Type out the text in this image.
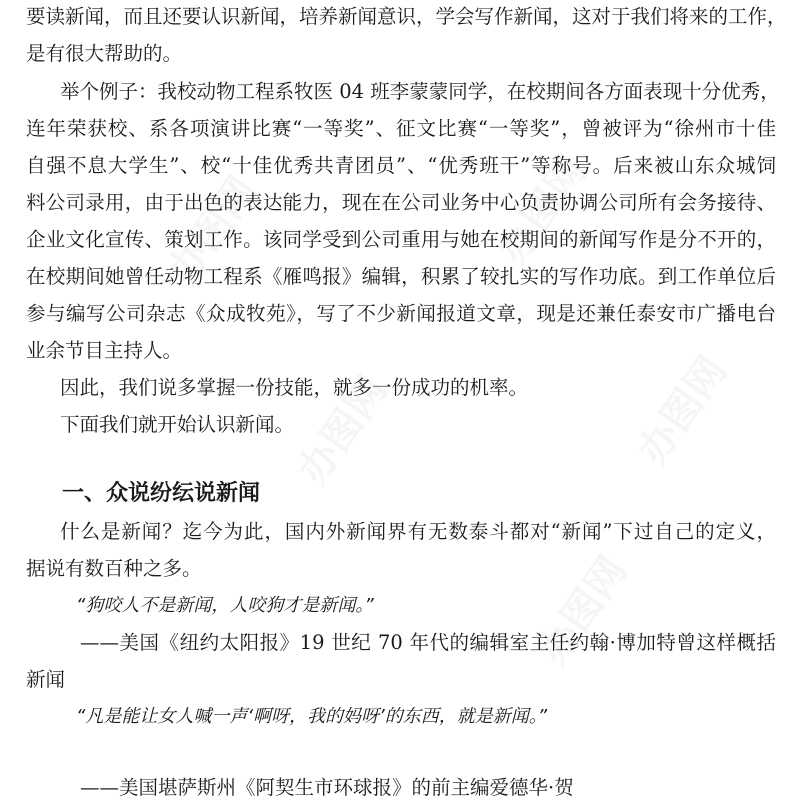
办图网	办图网
办图网
办图网
办图网
要读新闻，而且还要认识新闻，培养新闻意识，学会写作新闻，这对于我们将来的工作，
是有很大帮助的。
举个例子：我校动物工程系牧医 04 班李蒙蒙同学，在校期间各方面表现十分优秀，
连年荣获校、系各项演讲比赛“一等奖”、征文比赛“一等奖”，曾被评为“徐州市十佳
自强不息大学生”、校“十佳优秀共青团员”、“优秀班干”等称号。后来被山东众城饲
料公司录用，由于出色的表达能力，现在在公司业务中心负责协调公司所有会务接待、
企业文化宣传、策划工作。该同学受到公司重用与她在校期间的新闻写作是分不开的，
在校期间她曾任动物工程系《雁鸣报》编辑，积累了较扎实的写作功底。到工作单位后
参与编写公司杂志《众成牧苑》，写了不少新闻报道文章，现是还兼任泰安市广播电台
业余节目主持人。
因此，我们说多掌握一份技能，就多一份成功的机率。
下面我们就开始认识新闻。
一、众说纷纭说新闻
什么是新闻？迄今为此，国内外新闻界有无数泰斗都对“新闻”下过自己的定义，
据说有数百种之多。
“狗咬人不是新闻，人咬狗才是新闻。”
——美国《纽约太阳报》19 世纪 70 年代的编辑室主任约翰·博加特曾这样概括
新闻
“凡是能让女人喊一声‘啊呀，我的妈呀’的东西，就是新闻。”
——美国堪萨斯州《阿契生市环球报》的前主编爱德华·贺
